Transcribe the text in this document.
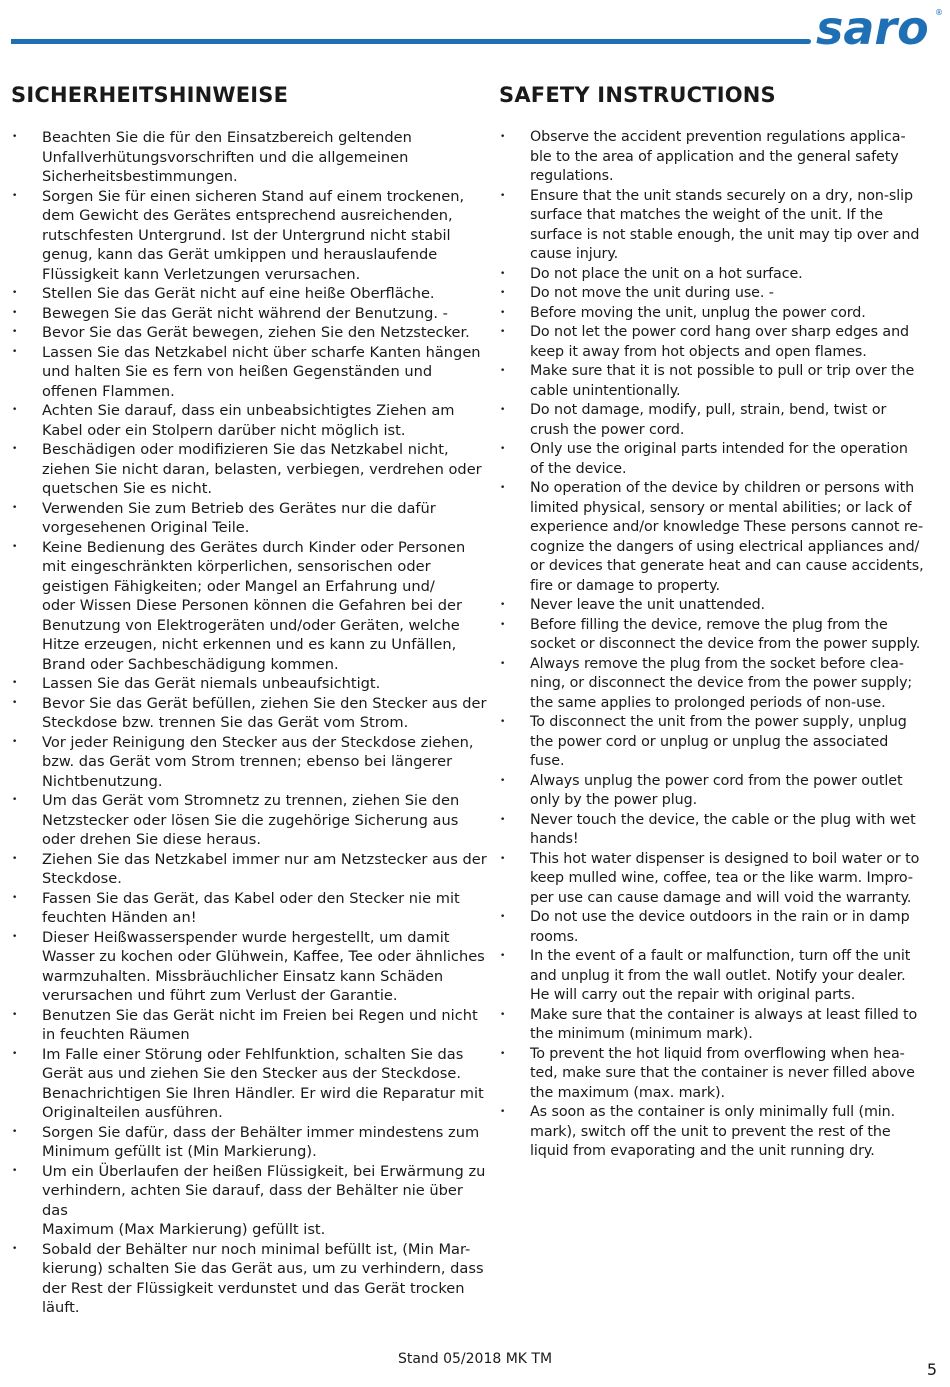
saro ®
SICHERHEITSHINWEISE
• Beachten Sie die für den Einsatzbereich geltenden
Unfallverhütungsvorschriften und die allgemeinen
Sicherheitsbestimmungen.
• Sorgen Sie für einen sicheren Stand auf einem trockenen,
dem Gewicht des Gerätes entsprechend ausreichenden,
rutschfesten Untergrund. Ist der Untergrund nicht stabil
genug, kann das Gerät umkippen und herauslaufende
Flüssigkeit kann Verletzungen verursachen.
• Stellen Sie das Gerät nicht auf eine heiße Oberfläche.
• Bewegen Sie das Gerät nicht während der Benutzung. -
• Bevor Sie das Gerät bewegen, ziehen Sie den Netzstecker.
• Lassen Sie das Netzkabel nicht über scharfe Kanten hängen
und halten Sie es fern von heißen Gegenständen und
offenen Flammen.
• Achten Sie darauf, dass ein unbeabsichtigtes Ziehen am
Kabel oder ein Stolpern darüber nicht möglich ist.
• Beschädigen oder modifizieren Sie das Netzkabel nicht,
ziehen Sie nicht daran, belasten, verbiegen, verdrehen oder
quetschen Sie es nicht.
• Verwenden Sie zum Betrieb des Gerätes nur die dafür
vorgesehenen Original Teile.
• Keine Bedienung des Gerätes durch Kinder oder Personen
mit eingeschränkten körperlichen, sensorischen oder
geistigen Fähigkeiten; oder Mangel an Erfahrung und/
oder Wissen Diese Personen können die Gefahren bei der
Benutzung von Elektrogeräten und/oder Geräten, welche
Hitze erzeugen, nicht erkennen und es kann zu Unfällen,
Brand oder Sachbeschädigung kommen.
• Lassen Sie das Gerät niemals unbeaufsichtigt.
• Bevor Sie das Gerät befüllen, ziehen Sie den Stecker aus der
Steckdose bzw. trennen Sie das Gerät vom Strom.
• Vor jeder Reinigung den Stecker aus der Steckdose ziehen,
bzw. das Gerät vom Strom trennen; ebenso bei längerer
Nichtbenutzung.
• Um das Gerät vom Stromnetz zu trennen, ziehen Sie den
Netzstecker oder lösen Sie die zugehörige Sicherung aus
oder drehen Sie diese heraus.
• Ziehen Sie das Netzkabel immer nur am Netzstecker aus der
Steckdose.
• Fassen Sie das Gerät, das Kabel oder den Stecker nie mit
feuchten Händen an!
• Dieser Heißwasserspender wurde hergestellt, um damit
Wasser zu kochen oder Glühwein, Kaffee, Tee oder ähnliches
warmzuhalten. Missbräuchlicher Einsatz kann Schäden
verursachen und führt zum Verlust der Garantie.
• Benutzen Sie das Gerät nicht im Freien bei Regen und nicht
in feuchten Räumen
• Im Falle einer Störung oder Fehlfunktion, schalten Sie das
Gerät aus und ziehen Sie den Stecker aus der Steckdose.
Benachrichtigen Sie Ihren Händler. Er wird die Reparatur mit
Originalteilen ausführen.
• Sorgen Sie dafür, dass der Behälter immer mindestens zum
Minimum gefüllt ist (Min Markierung).
• Um ein Überlaufen der heißen Flüssigkeit, bei Erwärmung zu
verhindern, achten Sie darauf, dass der Behälter nie über das
Maximum (Max Markierung) gefüllt ist.
• Sobald der Behälter nur noch minimal befüllt ist, (Min Mar-
kierung) schalten Sie das Gerät aus, um zu verhindern, dass
der Rest der Flüssigkeit verdunstet und das Gerät trocken
läuft.
SAFETY INSTRUCTIONS
• Observe the accident prevention regulations applica-
ble to the area of application and the general safety
regulations.
• Ensure that the unit stands securely on a dry, non-slip
surface that matches the weight of the unit. If the
surface is not stable enough, the unit may tip over and
cause injury.
• Do not place the unit on a hot surface.
• Do not move the unit during use. -
• Before moving the unit, unplug the power cord.
• Do not let the power cord hang over sharp edges and
keep it away from hot objects and open flames.
• Make sure that it is not possible to pull or trip over the
cable unintentionally.
• Do not damage, modify, pull, strain, bend, twist or
crush the power cord.
• Only use the original parts intended for the operation
of the device.
• No operation of the device by children or persons with
limited physical, sensory or mental abilities; or lack of
experience and/or knowledge These persons cannot re-
cognize the dangers of using electrical appliances and/
or devices that generate heat and can cause accidents,
fire or damage to property.
• Never leave the unit unattended.
• Before filling the device, remove the plug from the
socket or disconnect the device from the power supply.
• Always remove the plug from the socket before clea-
ning, or disconnect the device from the power supply;
the same applies to prolonged periods of non-use.
• To disconnect the unit from the power supply, unplug
the power cord or unplug or unplug the associated
fuse.
• Always unplug the power cord from the power outlet
only by the power plug.
• Never touch the device, the cable or the plug with wet
hands!
• This hot water dispenser is designed to boil water or to
keep mulled wine, coffee, tea or the like warm. Impro-
per use can cause damage and will void the warranty.
• Do not use the device outdoors in the rain or in damp
rooms.
• In the event of a fault or malfunction, turn off the unit
and unplug it from the wall outlet. Notify your dealer.
He will carry out the repair with original parts.
• Make sure that the container is always at least filled to
the minimum (minimum mark).
• To prevent the hot liquid from overflowing when hea-
ted, make sure that the container is never filled above
the maximum (max. mark).
• As soon as the container is only minimally full (min.
mark), switch off the unit to prevent the rest of the
liquid from evaporating and the unit running dry.
Stand 05/2018 MK TM
5
